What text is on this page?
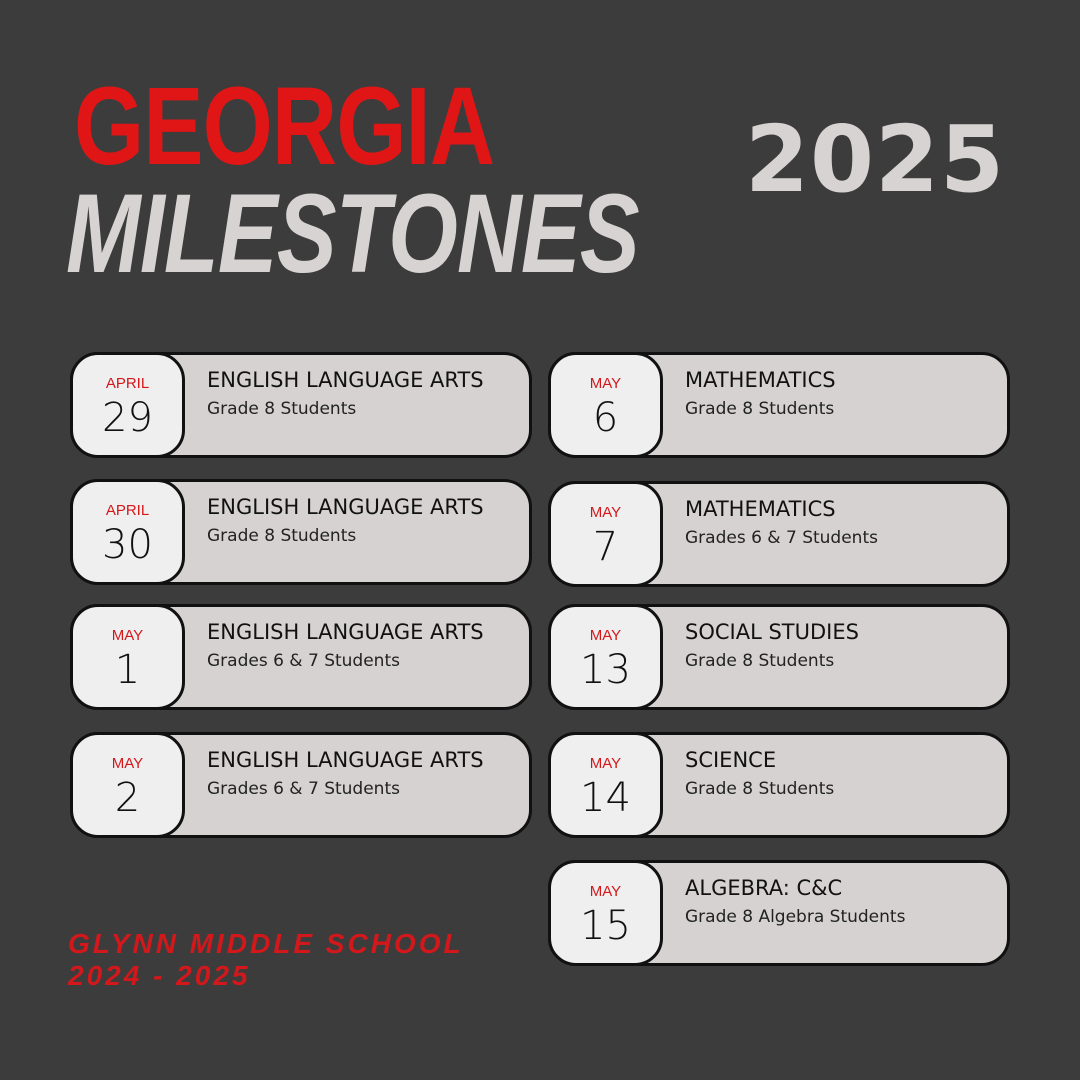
GEORGIA
MILESTONES
2025
APRIL
29
ENGLISH LANGUAGE ARTS
Grade 8 Students
APRIL
30
ENGLISH LANGUAGE ARTS
Grade 8 Students
MAY
1
ENGLISH LANGUAGE ARTS
Grades 6 & 7 Students
MAY
2
ENGLISH LANGUAGE ARTS
Grades 6 & 7 Students
MAY
6
MATHEMATICS
Grade 8 Students
MAY
7
MATHEMATICS
Grades 6 & 7 Students
MAY
13
SOCIAL STUDIES
Grade 8 Students
MAY
14
SCIENCE
Grade 8 Students
MAY
15
ALGEBRA: C&C
Grade 8 Algebra Students
GLYNN MIDDLE SCHOOL
2024 - 2025
